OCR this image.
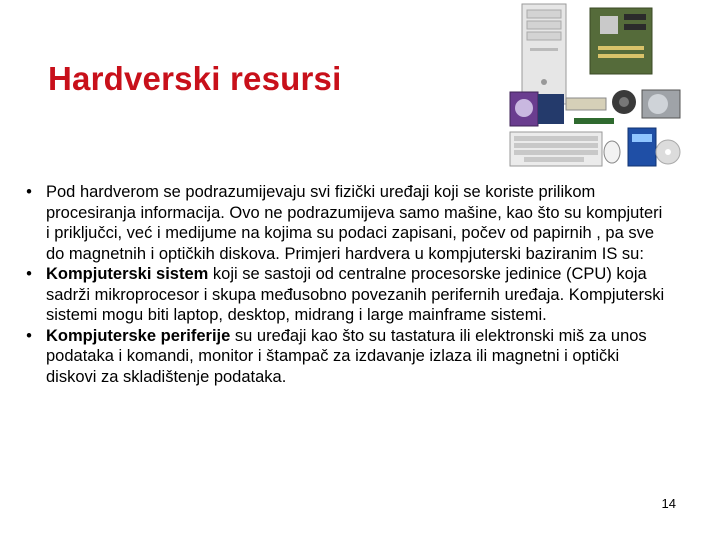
Hardverski resursi

• Pod hardverom se podrazumijevaju svi fizički uređaji koji se koriste prilikom procesiranja informacija. Ovo ne podrazumijeva samo mašine, kao što su kompjuteri i priključci, već i medijume na kojima su podaci zapisani, počev od papirnih , pa sve do magnetnih i optičkih diskova. Primjeri hardvera u kompjuterski baziranim IS su:

• Kompjuterski sistem koji se sastoji od centralne procesorske jedinice (CPU) koja sadrži mikroprocesor i skupa međusobno povezanih perifernih uređaja. Kompjuterski sistemi mogu biti laptop, desktop, midrang i large mainframe sistemi.

• Kompjuterske periferije su uređaji kao što su tastatura ili elektronski miš za unos podataka i komandi, monitor i štampač za izdavanje izlaza ili magnetni i optički diskovi za skladištenje podataka.

14
